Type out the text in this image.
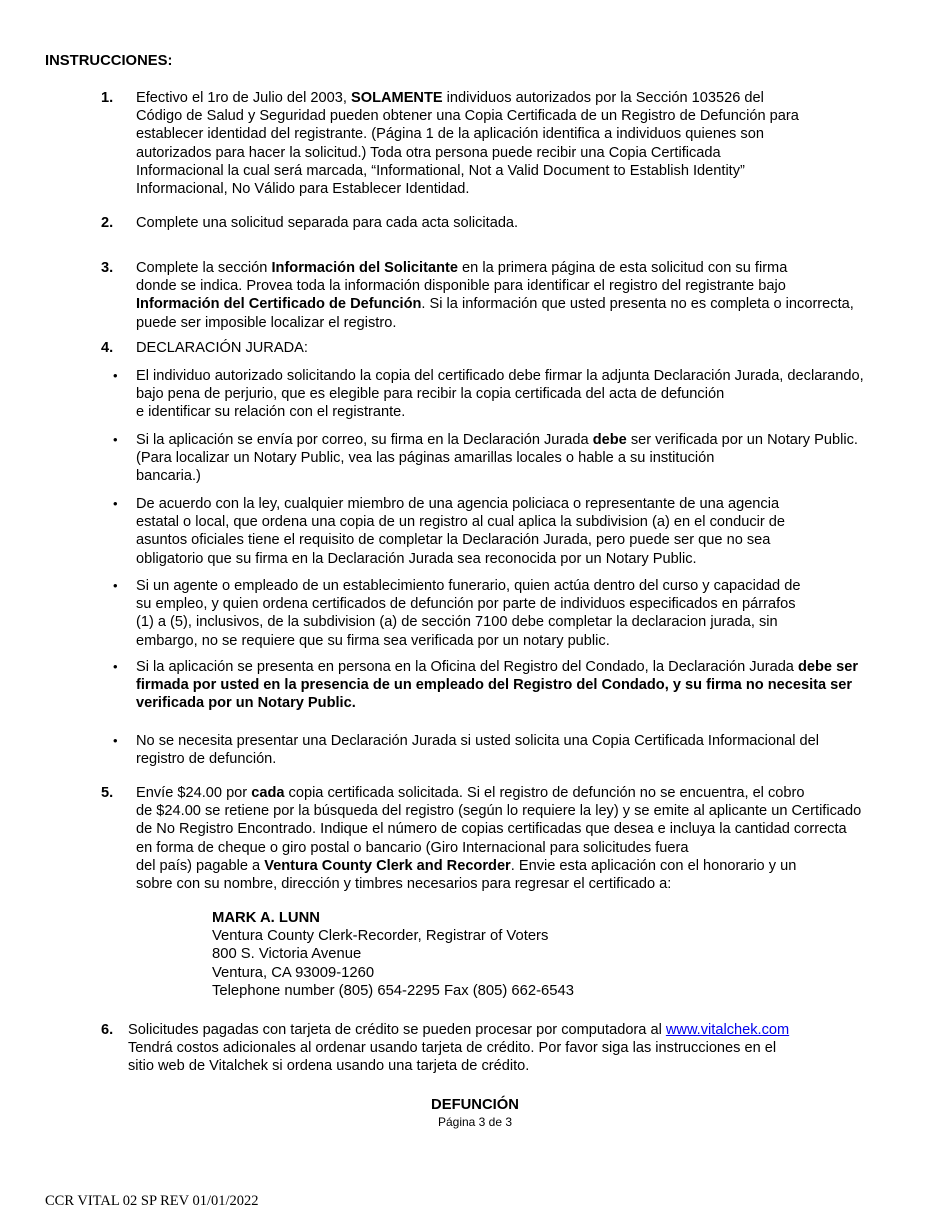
INSTRUCCIONES:
1. Efectivo el 1ro de Julio del 2003, SOLAMENTE individuos autorizados por la Sección 103526 del
Código de Salud y Seguridad pueden obtener una Copia Certificada de un Registro de Defunción para
establecer identidad del registrante. (Página 1 de la aplicación identifica a individuos quienes son
autorizados para hacer la solicitud.) Toda otra persona puede recibir una Copia Certificada
Informacional la cual será marcada, “Informational, Not a Valid Document to Establish Identity”
Informacional, No Válido para Establecer Identidad.

2. Complete una solicitud separada para cada acta solicitada.

3. Complete la sección Información del Solicitante en la primera página de esta solicitud con su firma
donde se indica. Provea toda la información disponible para identificar el registro del registrante bajo
Información del Certificado de Defunción. Si la información que usted presenta no es completa o incorrecta,
puede ser imposible localizar el registro.

4. DECLARACIÓN JURADA:

• El individuo autorizado solicitando la copia del certificado debe firmar la adjunta Declaración Jurada, declarando,
bajo pena de perjurio, que es elegible para recibir la copia certificada del acta de defunción
e identificar su relación con el registrante.

• Si la aplicación se envía por correo, su firma en la Declaración Jurada debe ser verificada por un Notary Public.
(Para localizar un Notary Public, vea las páginas amarillas locales o hable a su institución
bancaria.)

• De acuerdo con la ley, cualquier miembro de una agencia policiaca o representante de una agencia
estatal o local, que ordena una copia de un registro al cual aplica la subdivision (a) en el conducir de
asuntos oficiales tiene el requisito de completar la Declaración Jurada, pero puede ser que no sea
obligatorio que su firma en la Declaración Jurada sea reconocida por un Notary Public.

• Si un agente o empleado de un establecimiento funerario, quien actúa dentro del curso y capacidad de
su empleo, y quien ordena certificados de defunción por parte de individuos especificados en párrafos
(1) a (5), inclusivos, de la subdivision (a) de sección 7100 debe completar la declaracion jurada, sin
embargo, no se requiere que su firma sea verificada por un notary public.

• Si la aplicación se presenta en persona en la Oficina del Registro del Condado, la Declaración Jurada debe ser
firmada por usted en la presencia de un empleado del Registro del Condado, y su firma no necesita ser
verificada por un Notary Public.

• No se necesita presentar una Declaración Jurada si usted solicita una Copia Certificada Informacional del
registro de defunción.

5. Envíe $24.00 por cada copia certificada solicitada. Si el registro de defunción no se encuentra, el cobro
de $24.00 se retiene por la búsqueda del registro (según lo requiere la ley) y se emite al aplicante un Certificado
de No Registro Encontrado. Indique el número de copias certificadas que desea e incluya la cantidad correcta
en forma de cheque o giro postal o bancario (Giro Internacional para solicitudes fuera
del país) pagable a Ventura County Clerk and Recorder. Envie esta aplicación con el honorario y un
sobre con su nombre, dirección y timbres necesarios para regresar el certificado a:

MARK A. LUNN
Ventura County Clerk-Recorder, Registrar of Voters
800 S. Victoria Avenue
Ventura, CA 93009-1260
Telephone number (805) 654-2295 Fax (805) 662-6543
6. Solicitudes pagadas con tarjeta de crédito se pueden procesar por computadora al www.vitalchek.com
Tendrá costos adicionales al ordenar usando tarjeta de crédito. Por favor siga las instrucciones en el
sitio web de Vitalchek si ordena usando una tarjeta de crédito.

DEFUNCIÓN
Página 3 de 3
CCR VITAL 02 SP REV 01/01/2022
